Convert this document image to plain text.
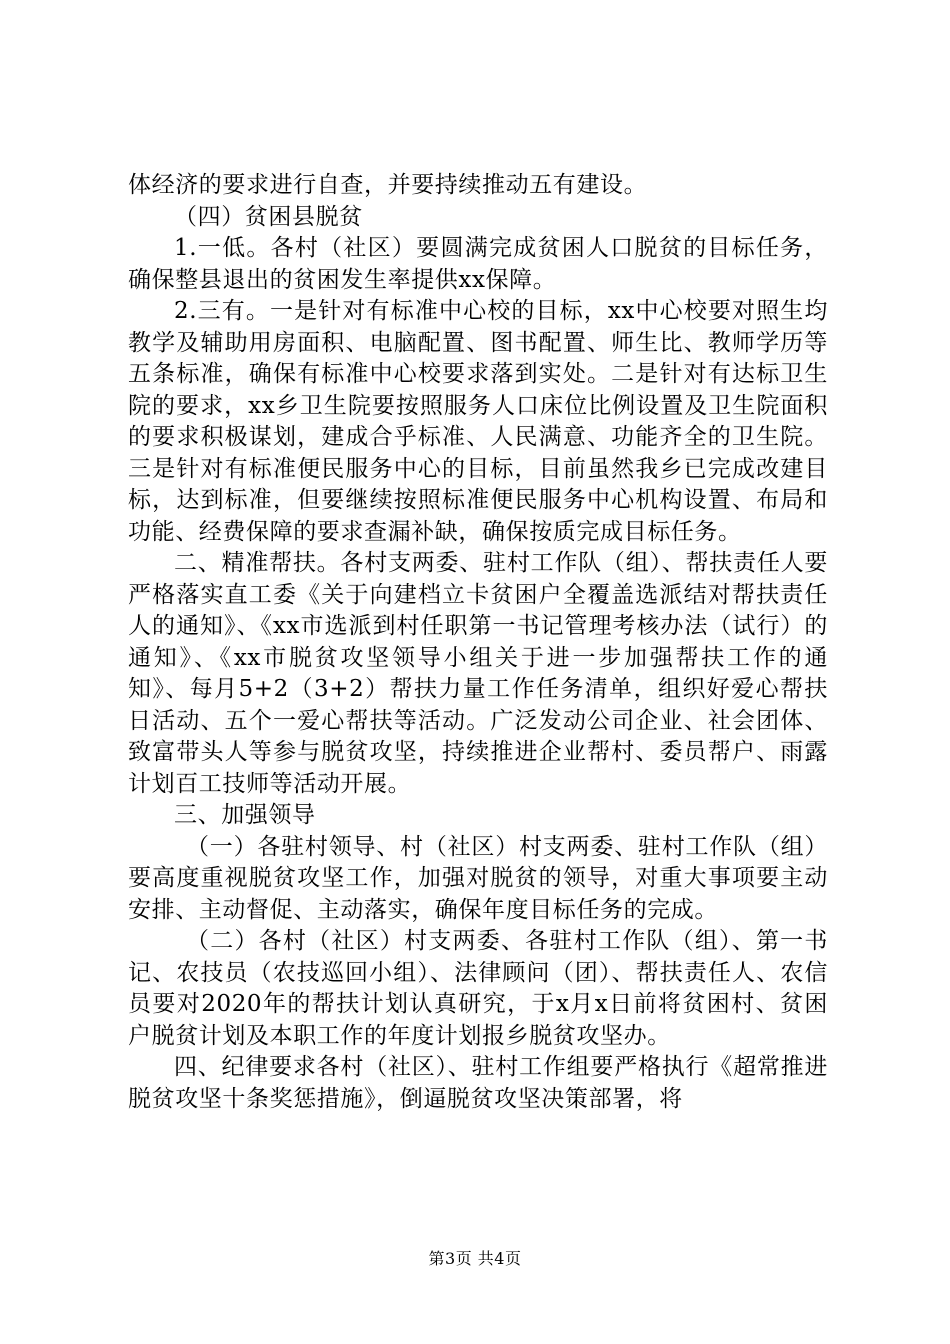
体经济的要求进行自查，并要持续推动五有建设。

（四）贫困县脱贫

1.一低。各村（社区）要圆满完成贫困人口脱贫的目标任务，确保整县退出的贫困发生率提供xx保障。

2.三有。一是针对有标准中心校的目标，xx中心校要对照生均教学及辅助用房面积、电脑配置、图书配置、师生比、教师学历等五条标准，确保有标准中心校要求落到实处。二是针对有达标卫生院的要求，xx乡卫生院要按照服务人口床位比例设置及卫生院面积的要求积极谋划，建成合乎标准、人民满意、功能齐全的卫生院。三是针对有标准便民服务中心的目标，目前虽然我乡已完成改建目标，达到标准，但要继续按照标准便民服务中心机构设置、布局和功能、经费保障的要求查漏补缺，确保按质完成目标任务。

二、精准帮扶。各村支两委、驻村工作队（组）、帮扶责任人要严格落实直工委《关于向建档立卡贫困户全覆盖选派结对帮扶责任人的通知》、《xx市选派到村任职第一书记管理考核办法（试行）的通知》、《xx市脱贫攻坚领导小组关于进一步加强帮扶工作的通知》、每月5+2（3+2）帮扶力量工作任务清单，组织好爱心帮扶日活动、五个一爱心帮扶等活动。广泛发动公司企业、社会团体、致富带头人等参与脱贫攻坚，持续推进企业帮村、委员帮户、雨露计划百工技师等活动开展。

三、加强领导

（一）各驻村领导、村（社区）村支两委、驻村工作队（组）要高度重视脱贫攻坚工作，加强对脱贫的领导，对重大事项要主动安排、主动督促、主动落实，确保年度目标任务的完成。

（二）各村（社区）村支两委、各驻村工作队（组）、第一书记、农技员（农技巡回小组）、法律顾问（团）、帮扶责任人、农信员要对2020年的帮扶计划认真研究，于x月x日前将贫困村、贫困户脱贫计划及本职工作的年度计划报乡脱贫攻坚办。

四、纪律要求各村（社区）、驻村工作组要严格执行《超常推进脱贫攻坚十条奖惩措施》，倒逼脱贫攻坚决策部署，将

第3页 共4页
